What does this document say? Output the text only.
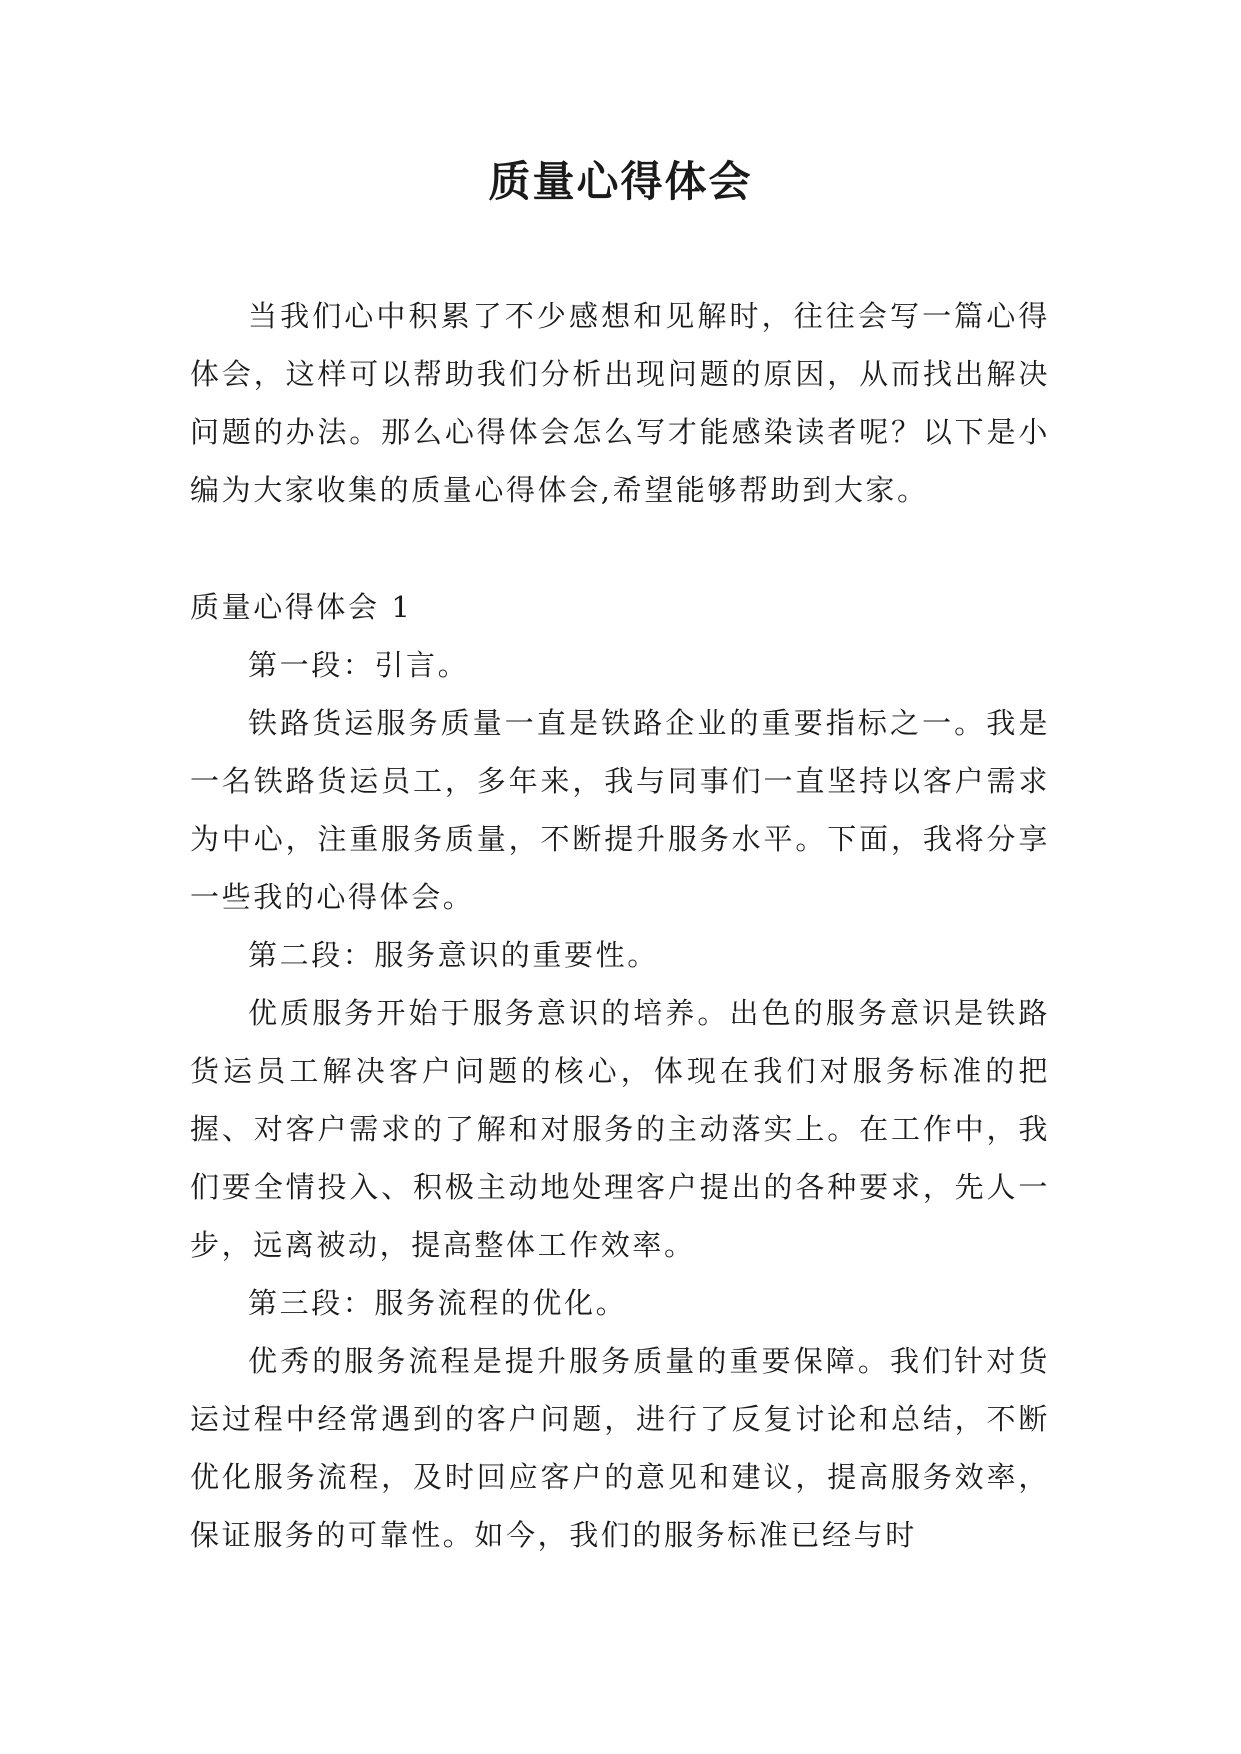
质量心得体会

当我们心中积累了不少感想和见解时，往往会写一篇心得体会，这样可以帮助我们分析出现问题的原因，从而找出解决问题的办法。那么心得体会怎么写才能感染读者呢？以下是小编为大家收集的质量心得体会,希望能够帮助到大家。

质量心得体会 1

第一段：引言。

铁路货运服务质量一直是铁路企业的重要指标之一。我是一名铁路货运员工，多年来，我与同事们一直坚持以客户需求为中心，注重服务质量，不断提升服务水平。下面，我将分享一些我的心得体会。

第二段：服务意识的重要性。

优质服务开始于服务意识的培养。出色的服务意识是铁路货运员工解决客户问题的核心，体现在我们对服务标准的把握、对客户需求的了解和对服务的主动落实上。在工作中，我们要全情投入、积极主动地处理客户提出的各种要求，先人一步，远离被动，提高整体工作效率。

第三段：服务流程的优化。

优秀的服务流程是提升服务质量的重要保障。我们针对货运过程中经常遇到的客户问题，进行了反复讨论和总结，不断优化服务流程，及时回应客户的意见和建议，提高服务效率，保证服务的可靠性。如今，我们的服务标准已经与时
